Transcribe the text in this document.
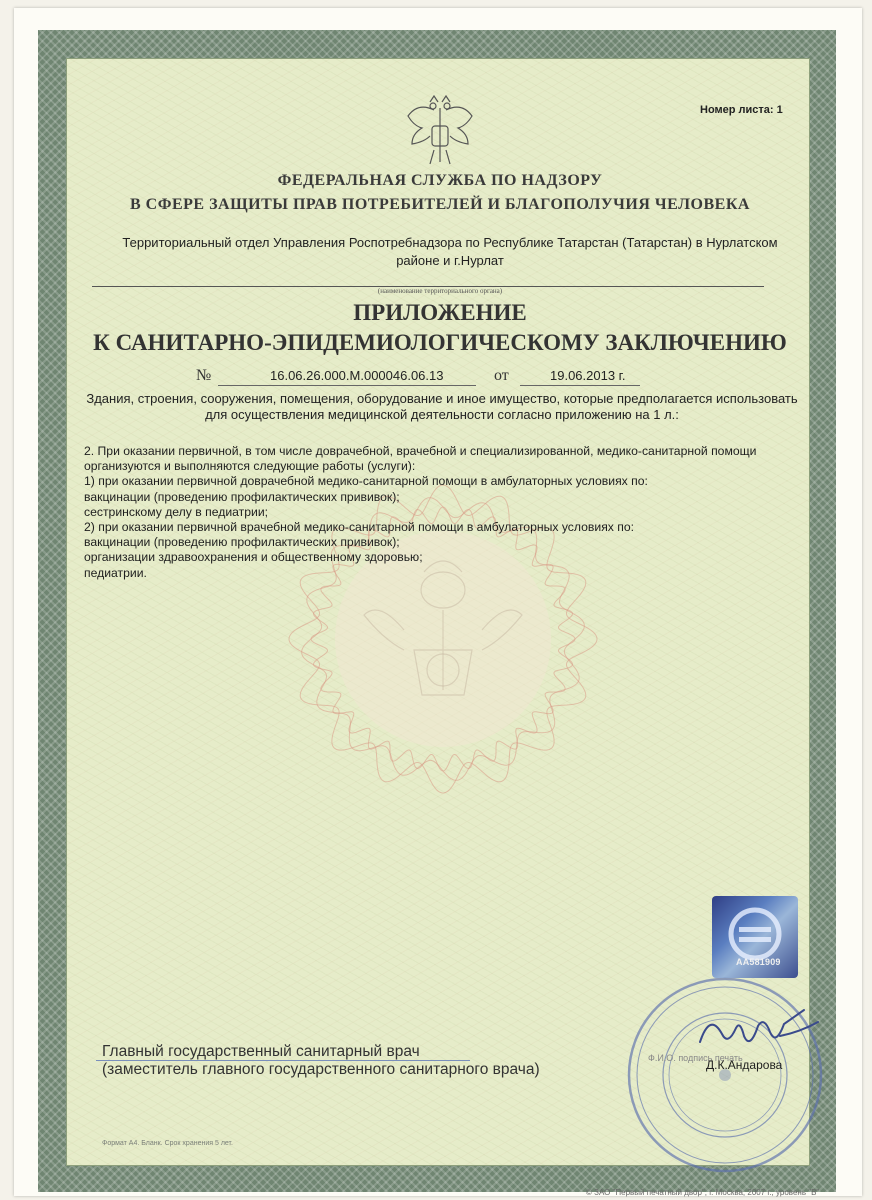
Номер листа: 1
ФЕДЕРАЛЬНАЯ СЛУЖБА ПО НАДЗОРУ
В СФЕРЕ ЗАЩИТЫ ПРАВ ПОТРЕБИТЕЛЕЙ И БЛАГОПОЛУЧИЯ ЧЕЛОВЕКА
Территориальный отдел Управления Роспотребнадзора по Республике Татарстан (Татарстан) в Нурлатском районе и г.Нурлат
(наименование территориального органа)
ПРИЛОЖЕНИЕ
К САНИТАРНО-ЭПИДЕМИОЛОГИЧЕСКОМУ ЗАКЛЮЧЕНИЮ
№	16.06.26.000.М.000046.06.13	от	19.06.2013 г.
Здания, строения, сооружения, помещения, оборудование и иное имущество, которые предполагается использовать для осуществления медицинской деятельности согласно приложению на 1 л.:
2. При оказании первичной, в том числе доврачебной, врачебной и специализированной, медико-санитарной помощи
организуются и выполняются следующие работы (услуги):
1) при оказании первичной доврачебной медико-санитарной помощи в амбулаторных условиях по:
вакцинации (проведению профилактических прививок);
сестринскому делу в педиатрии;
2) при оказании первичной врачебной медико-санитарной помощи в амбулаторных условиях по:
вакцинации (проведению профилактических прививок);
организации здравоохранения и общественному здоровью;
педиатрии.
АА581909
Главный государственный санитарный врач
(заместитель главного государственного санитарного врача)
Ф.И.О. подпись печать
Д.К.Андарова
Формат А4. Бланк. Срок хранения 5 лет.
© ЗАО "Первый печатный двор", г. Москва, 2007 г., уровень "В"
